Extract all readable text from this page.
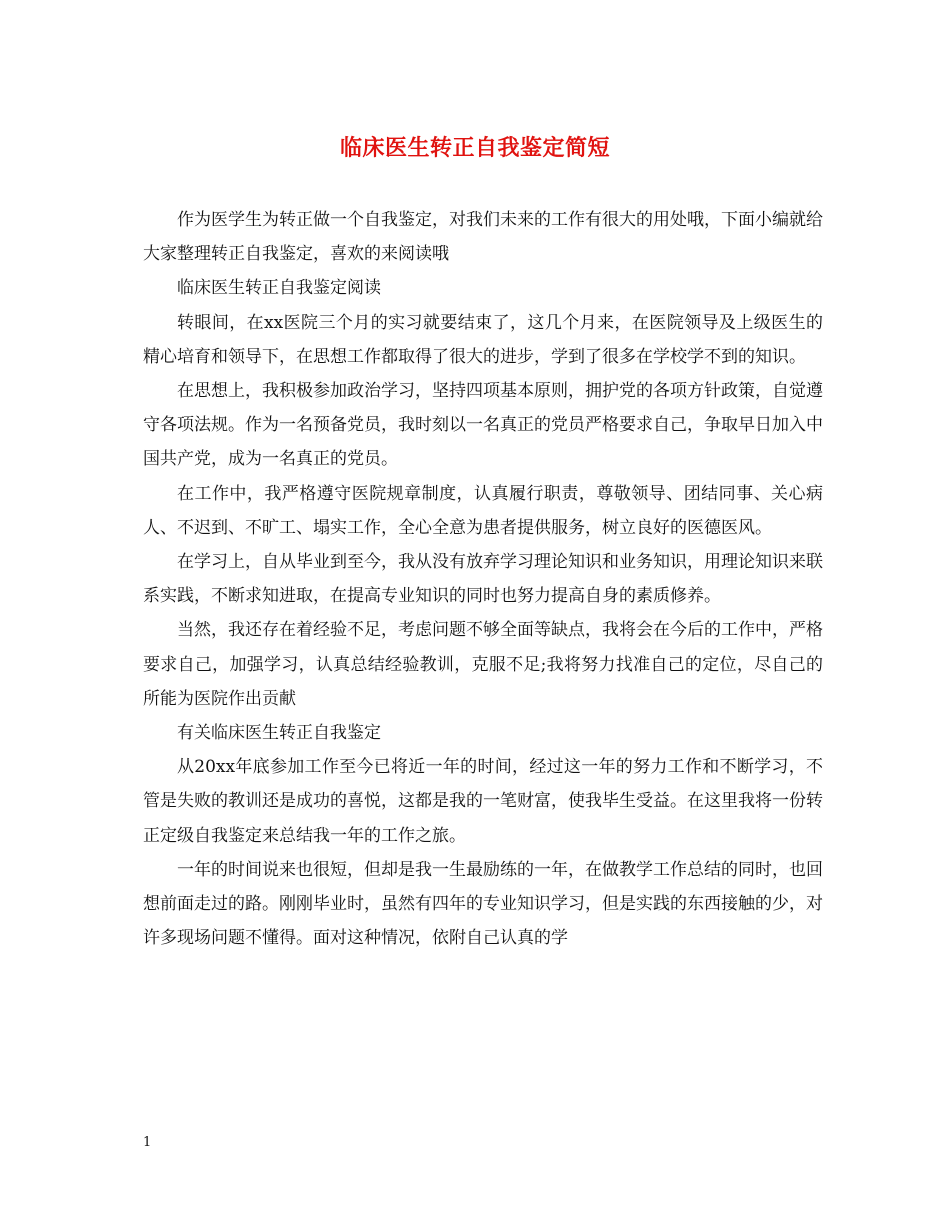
临床医生转正自我鉴定简短

作为医学生为转正做一个自我鉴定，对我们未来的工作有很大的用处哦，下面小编就给大家整理转正自我鉴定，喜欢的来阅读哦

临床医生转正自我鉴定阅读

转眼间，在xx医院三个月的实习就要结束了，这几个月来，在医院领导及上级医生的精心培育和领导下，在思想工作都取得了很大的进步，学到了很多在学校学不到的知识。

在思想上，我积极参加政治学习，坚持四项基本原则，拥护党的各项方针政策，自觉遵守各项法规。作为一名预备党员，我时刻以一名真正的党员严格要求自己，争取早日加入中国共产党，成为一名真正的党员。

在工作中，我严格遵守医院规章制度，认真履行职责，尊敬领导、团结同事、关心病人、不迟到、不旷工、塌实工作，全心全意为患者提供服务，树立良好的医德医风。

在学习上，自从毕业到至今，我从没有放弃学习理论知识和业务知识，用理论知识来联系实践，不断求知进取，在提高专业知识的同时也努力提高自身的素质修养。

当然，我还存在着经验不足，考虑问题不够全面等缺点，我将会在今后的工作中，严格要求自己，加强学习，认真总结经验教训，克服不足;我将努力找准自己的定位，尽自己的所能为医院作出贡献

有关临床医生转正自我鉴定

从20xx年底参加工作至今已将近一年的时间，经过这一年的努力工作和不断学习，不管是失败的教训还是成功的喜悦，这都是我的一笔财富，使我毕生受益。在这里我将一份转正定级自我鉴定来总结我一年的工作之旅。

一年的时间说来也很短，但却是我一生最励练的一年，在做教学工作总结的同时，也回想前面走过的路。刚刚毕业时，虽然有四年的专业知识学习，但是实践的东西接触的少，对许多现场问题不懂得。面对这种情况，依附自己认真的学

1
